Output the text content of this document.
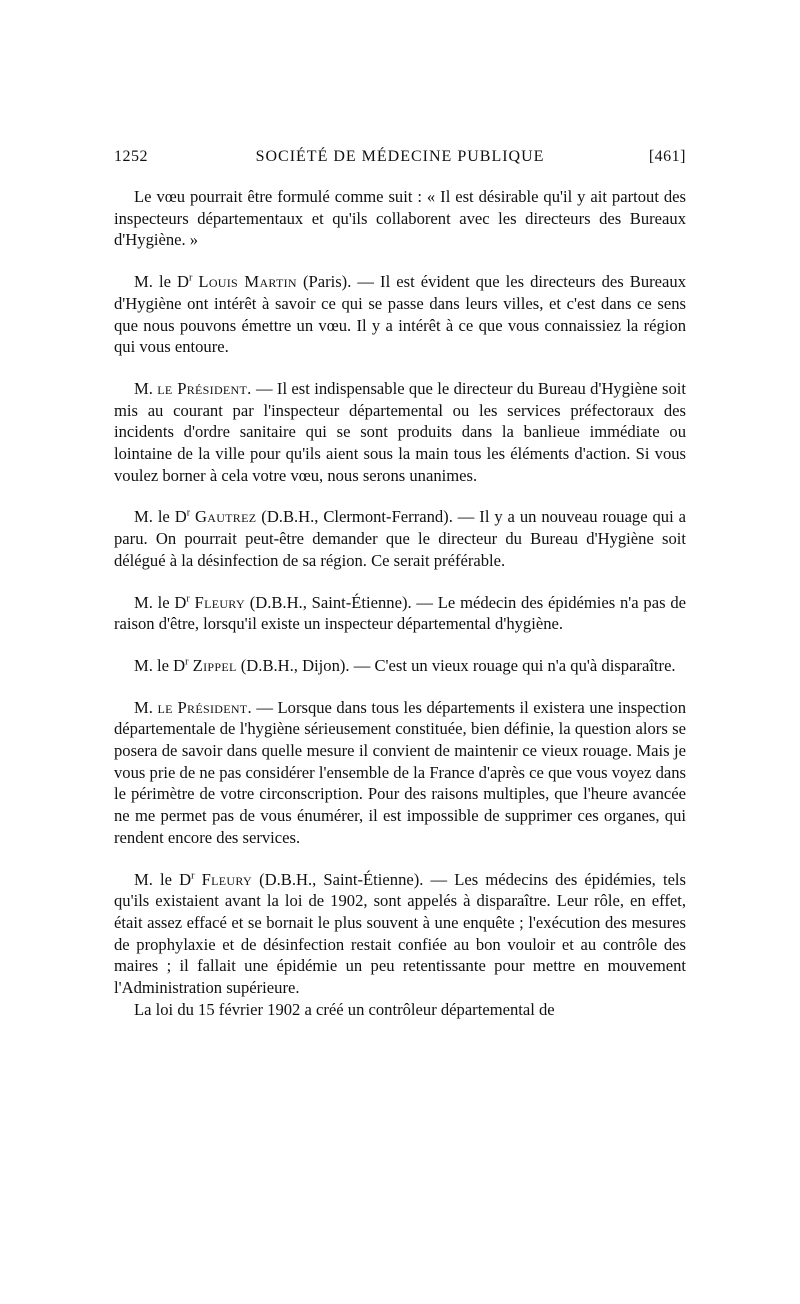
1252	SOCIÉTÉ DE MÉDECINE PUBLIQUE	[461]

Le vœu pourrait être formulé comme suit : « Il est désirable qu'il y ait partout des inspecteurs départementaux et qu'ils collaborent avec les directeurs des Bureaux d'Hygiène. »

M. le $D^r$ Louis Martin (Paris). — Il est évident que les directeurs des Bureaux d'Hygiène ont intérêt à savoir ce qui se passe dans leurs villes, et c'est dans ce sens que nous pouvons émettre un vœu. Il y a intérêt à ce que vous connaissiez la région qui vous entoure.

M. le Président. — Il est indispensable que le directeur du Bureau d'Hygiène soit mis au courant par l'inspecteur départemental ou les services préfectoraux des incidents d'ordre sanitaire qui se sont produits dans la banlieue immédiate ou lointaine de la ville pour qu'ils aient sous la main tous les éléments d'action. Si vous voulez borner à cela votre vœu, nous serons unanimes.

M. le $D^r$ Gautrez (D.B.H., Clermont-Ferrand). — Il y a un nouveau rouage qui a paru. On pourrait peut-être demander que le directeur du Bureau d'Hygiène soit délégué à la désinfection de sa région. Ce serait préférable.

M. le $D^r$ Fleury (D.B.H., Saint-Étienne). — Le médecin des épidémies n'a pas de raison d'être, lorsqu'il existe un inspecteur départemental d'hygiène.

M. le $D^r$ Zippel (D.B.H., Dijon). — C'est un vieux rouage qui n'a qu'à disparaître.

M. le Président. — Lorsque dans tous les départements il existera une inspection départementale de l'hygiène sérieusement constituée, bien définie, la question alors se posera de savoir dans quelle mesure il convient de maintenir ce vieux rouage. Mais je vous prie de ne pas considérer l'ensemble de la France d'après ce que vous voyez dans le périmètre de votre circonscription. Pour des raisons multiples, que l'heure avancée ne me permet pas de vous énumérer, il est impossible de supprimer ces organes, qui rendent encore des services.

M. le $D^r$ Fleury (D.B.H., Saint-Étienne). — Les médecins des épidémies, tels qu'ils existaient avant la loi de 1902, sont appelés à disparaître. Leur rôle, en effet, était assez effacé et se bornait le plus souvent à une enquête ; l'exécution des mesures de prophylaxie et de désinfection restait confiée au bon vouloir et au contrôle des maires ; il fallait une épidémie un peu retentissante pour mettre en mouvement l'Administration supérieure.

La loi du 15 février 1902 a créé un contrôleur départemental de
